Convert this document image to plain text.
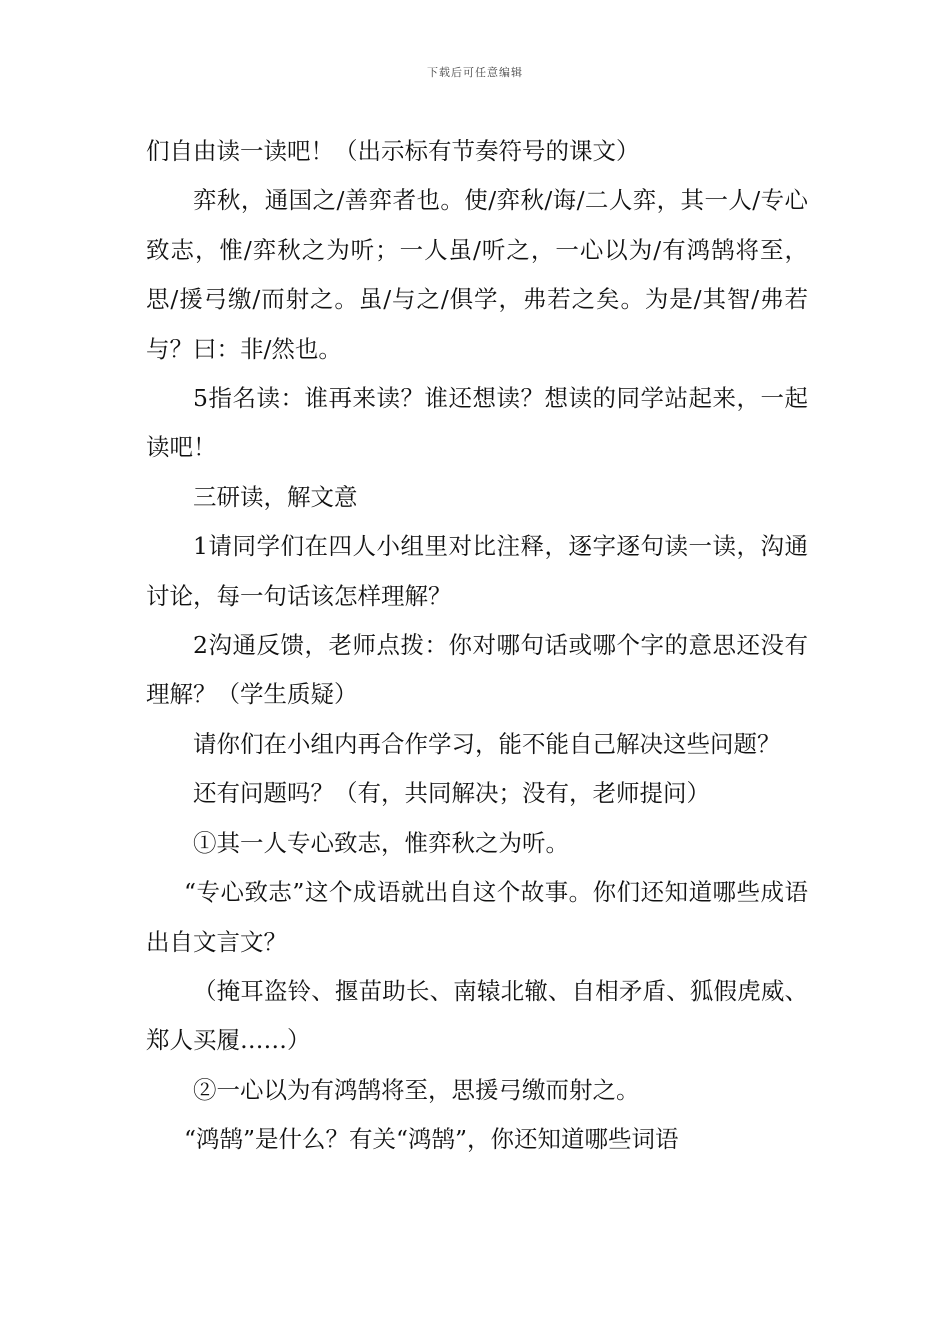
下载后可任意编辑

们自由读一读吧！（出示标有节奏符号的课文）

弈秋，通国之/善弈者也。使/弈秋/诲/二人弈，其一人/专心致志，惟/弈秋之为听；一人虽/听之，一心以为/有鸿鹄将至，思/援弓缴/而射之。虽/与之/俱学，弗若之矣。为是/其智/弗若与？曰：非/然也。

5指名读：谁再来读？谁还想读？想读的同学站起来，一起读吧！

三研读，解文意

1请同学们在四人小组里对比注释，逐字逐句读一读，沟通讨论，每一句话该怎样理解？

2沟通反馈，老师点拨：你对哪句话或哪个字的意思还没有理解？（学生质疑）

请你们在小组内再合作学习，能不能自己解决这些问题？

还有问题吗？（有，共同解决；没有，老师提问）

①其一人专心致志，惟弈秋之为听。

“专心致志”这个成语就出自这个故事。你们还知道哪些成语出自文言文？

（掩耳盗铃、揠苗助长、南辕北辙、自相矛盾、狐假虎威、郑人买履……）

②一心以为有鸿鹄将至，思援弓缴而射之。

“鸿鹄”是什么？有关“鸿鹄”，你还知道哪些词语
